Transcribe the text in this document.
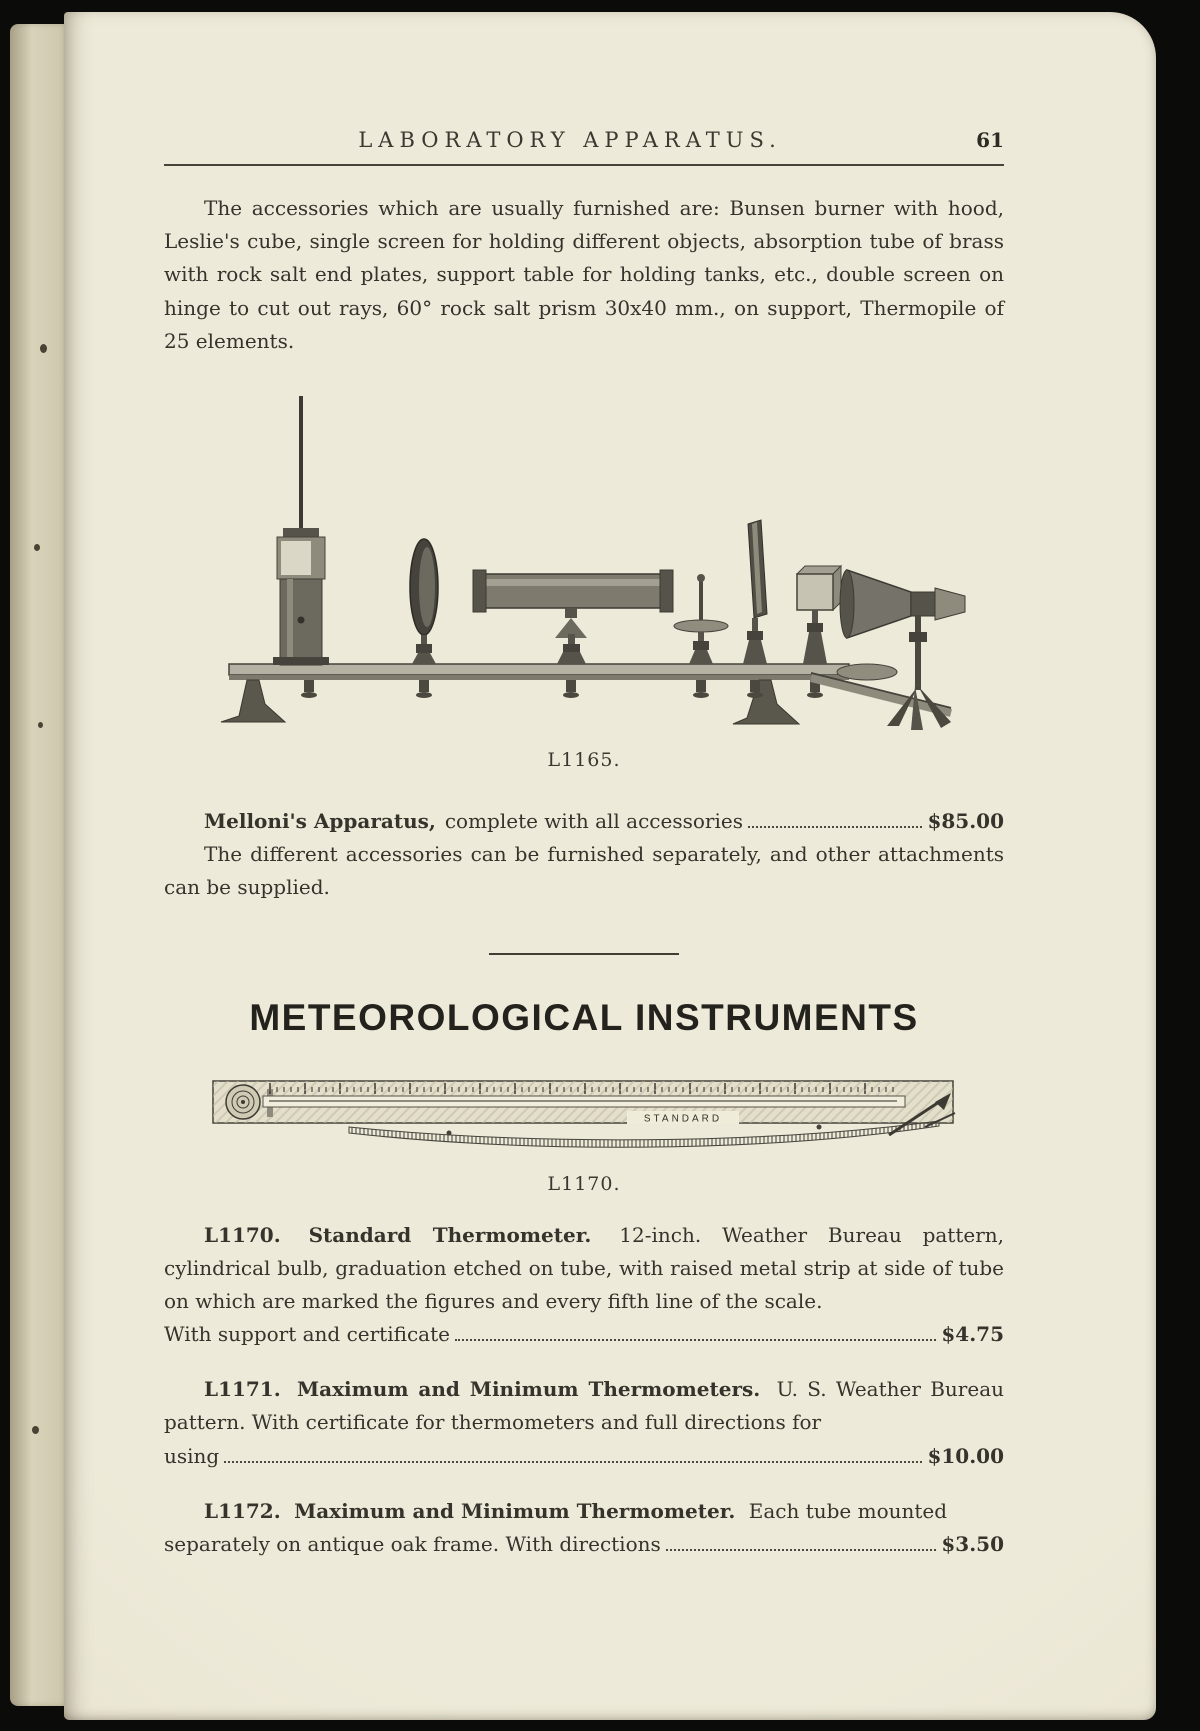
LABORATORY APPARATUS.	61

The accessories which are usually furnished are: Bunsen burner with hood, Leslie's cube, single screen for holding different objects, absorption tube of brass with rock salt end plates, support table for holding tanks, etc., double screen on hinge to cut out rays, 60° rock salt prism 30x40 mm., on support, Thermopile of 25 elements.

L1165.
Melloni's Apparatus, complete with all accessories	$85.00

The different accessories can be furnished separately, and other attachments can be supplied.

METEOROLOGICAL INSTRUMENTS
STANDARD
L1170.

L1170. Standard Thermometer. 12-inch. Weather Bureau pattern, cylindrical bulb, graduation etched on tube, with raised metal strip at side of tube on which are marked the figures and every fifth line of the scale.

With support and certificate	$4.75

L1171. Maximum and Minimum Thermometers. U. S. Weather Bureau pattern. With certificate for thermometers and full directions for

using	$10.00

L1172. Maximum and Minimum Thermometer. Each tube mounted

separately on antique oak frame. With directions	$3.50
